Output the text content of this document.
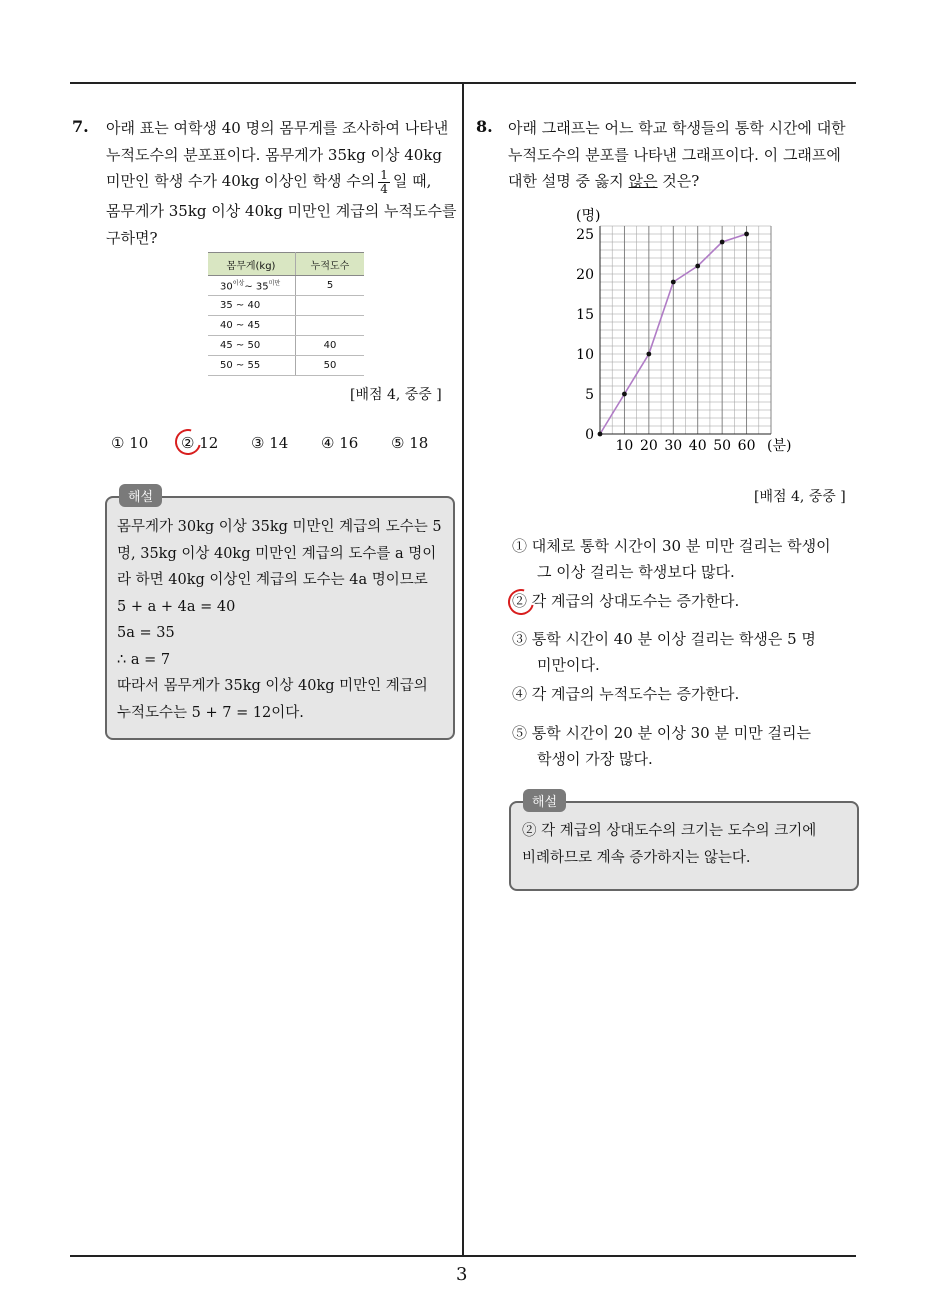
7. 아래 표는 여학생 40 명의 몸무게를 조사하여 나타낸
누적도수의 분포표이다. 몸무게가 35kg 이상 40kg
미만인 학생 수가 40kg 이상인 학생 수의 $\frac{1}{4}$ 일 때,
몸무게가 35kg 이상 40kg 미만인 계급의 누적도수를
구하면?
몸무게(kg)	누적도수
$30^{이상}\sim$ $35^{미만}$	5
35 ~ 40	
40 ~ 45	
45 ~ 50	40
50 ~ 55	50
[배점 4, 중중 ]
① 10 ② 12 ③ 14 ④ 16 ⑤ 18
해설
몸무게가 30kg 이상 35kg 미만인 계급의 도수는 5
명, 35kg 이상 40kg 미만인 계급의 도수를 a 명이
라 하면 40kg 이상인 계급의 도수는 4a 명이므로
5 + a + 4a = 40
5a = 35
∴ a = 7
따라서 몸무게가 35kg 이상 40kg 미만인 계급의
누적도수는 5 + 7 = 12이다.
8. 아래 그래프는 어느 학교 학생들의 통학 시간에 대한
누적도수의 분포를 나타낸 그래프이다. 이 그래프에
대한 설명 중 옳지 않은 것은?
0
5
10
15
20
25
10 20 30 40 50 60
(명)
(분)
[배점 4, 중중 ]
① 대체로 통학 시간이 30 분 미만 걸리는 학생이
그 이상 걸리는 학생보다 많다.
② 각 계급의 상대도수는 증가한다.
③ 통학 시간이 40 분 이상 걸리는 학생은 5 명
미만이다.
④ 각 계급의 누적도수는 증가한다.
⑤ 통학 시간이 20 분 이상 30 분 미만 걸리는
학생이 가장 많다.
해설
② 각 계급의 상대도수의 크기는 도수의 크기에
비례하므로 계속 증가하지는 않는다.
3
